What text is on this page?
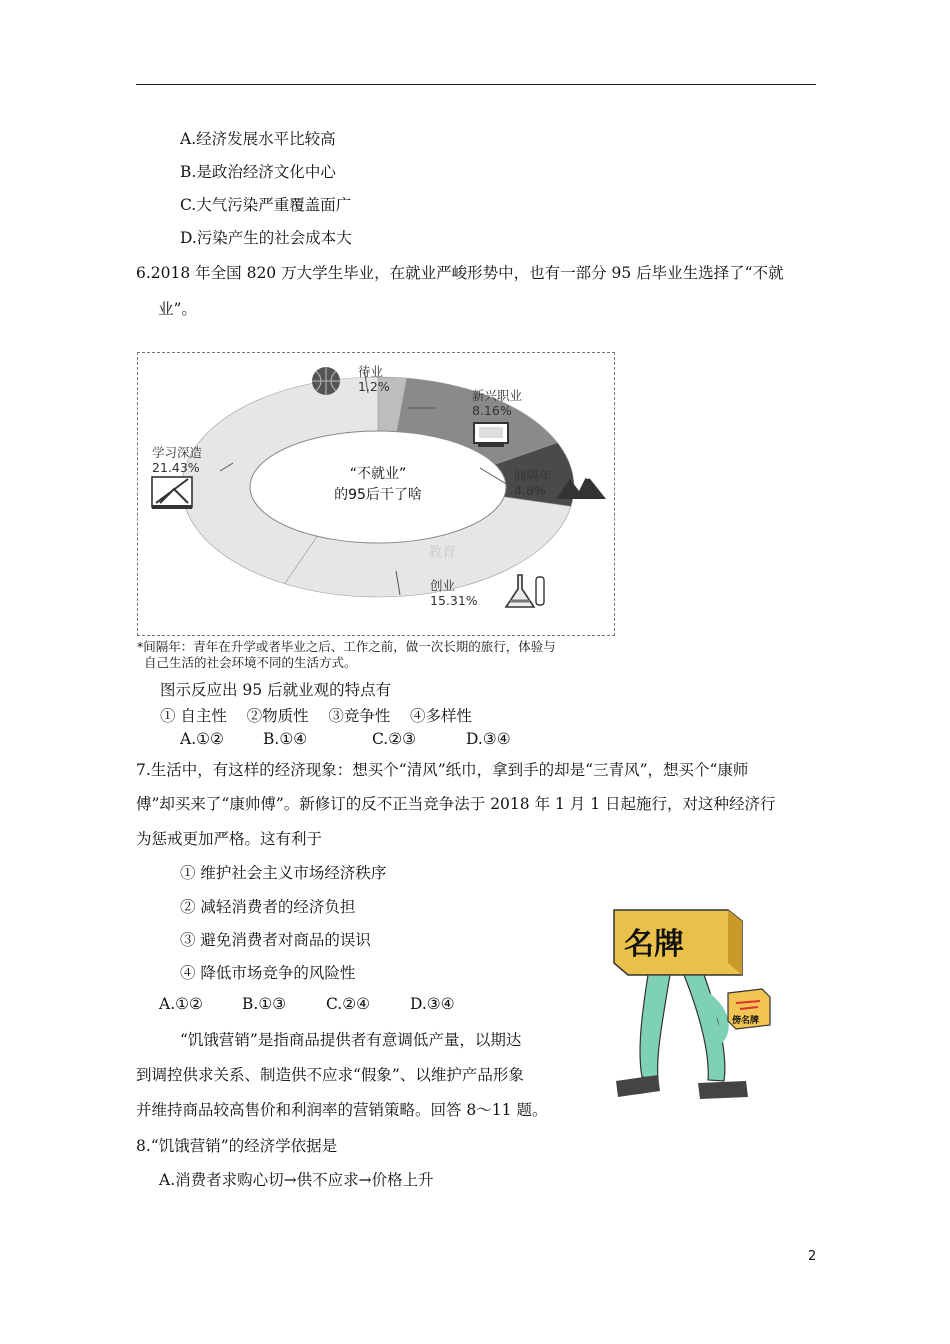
A.经济发展水平比较高
B.是政治经济文化中心
C.大气污染严重覆盖面广
D.污染产生的社会成本大
6.2018 年全国 820 万大学生毕业，在就业严峻形势中，也有一部分 95 后毕业生选择了“不就
业”。
待业
1.2%
新兴职业
8.16%
间隔年
4.8%
创业
15.31%
学习深造
21.43%	“不就业”
的95后干了啥
教育
*间隔年：青年在升学或者毕业之后、工作之前，做一次长期的旅行，体验与
自己生活的社会环境不同的生活方式。
图示反应出 95 后就业观的特点有
① 自主性    ②物质性    ③竞争性    ④多样性
A.①②	B.①④	C.②③	D.③④
7.生活中，有这样的经济现象：想买个“清风”纸巾，拿到手的却是“三青风”，想买个“康师
傅”却买来了“康帅傅”。新修订的反不正当竞争法于 2018 年 1 月 1 日起施行，对这种经济行
为惩戒更加严格。这有利于
① 维护社会主义市场经济秩序
② 减轻消费者的经济负担
③ 避免消费者对商品的误识
④ 降低市场竞争的风险性
A.①②	B.①③	C.②④	D.③④
“饥饿营销”是指商品提供者有意调低产量，以期达
到调控供求关系、制造供不应求“假象”、以维护产品形象
并维持商品较高售价和利润率的营销策略。回答 8～11 题。
名牌
傍名牌
8.“饥饿营销”的经济学依据是
A.消费者求购心切→供不应求→价格上升
2
